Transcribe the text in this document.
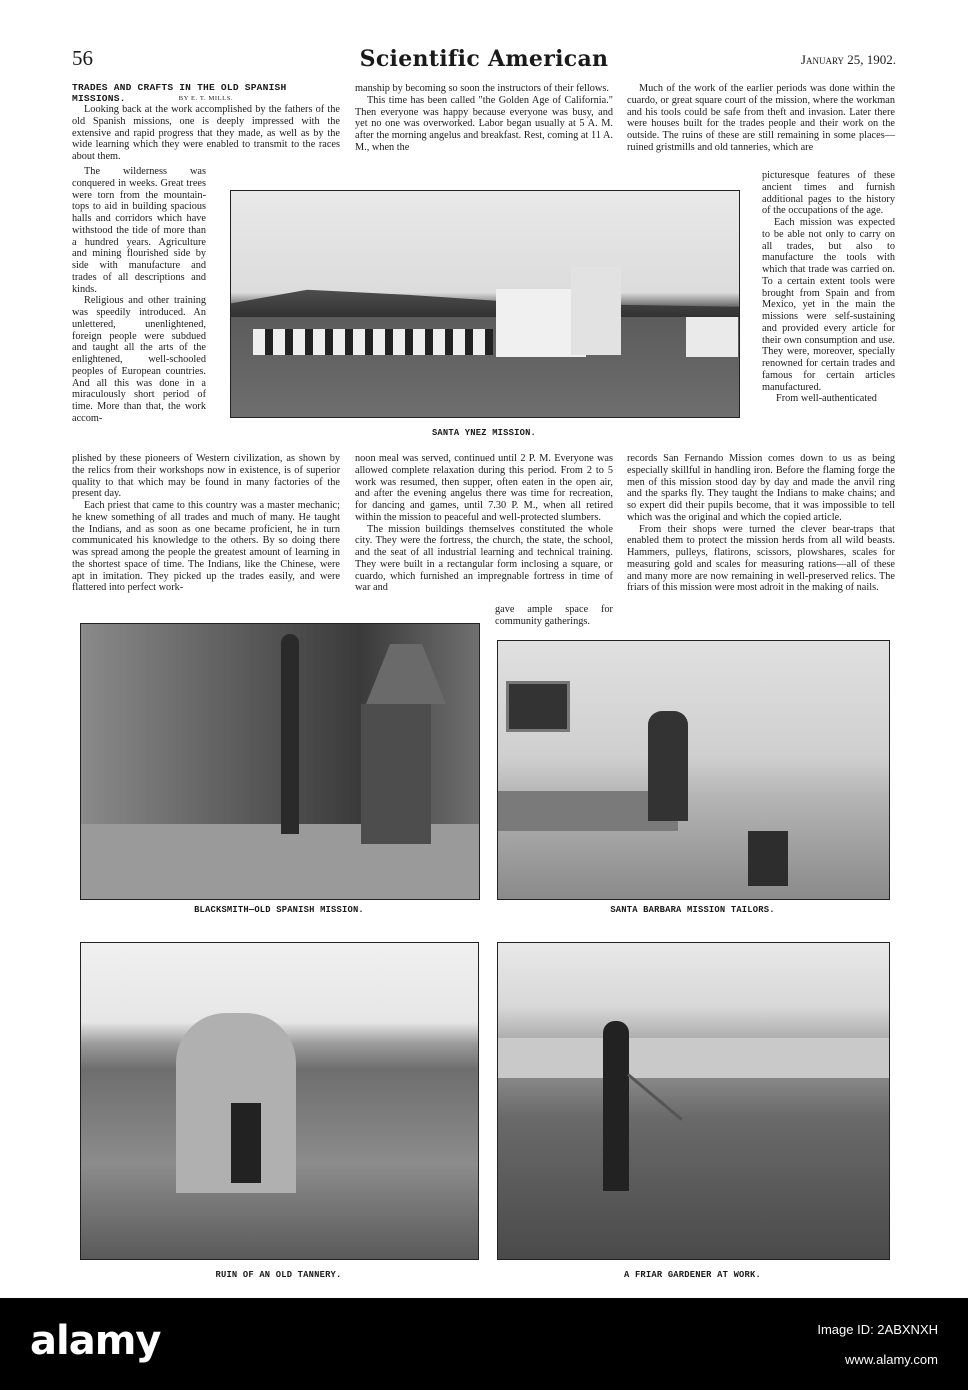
56	Scientific American	January 25, 1902.
TRADES AND CRAFTS IN THE OLD SPANISH MISSIONS.	BY E. T. MILLS.

Looking back at the work accomplished by the fathers of the old Spanish missions, one is deeply impressed with the extensive and rapid progress that they made, as well as by the wide learning which they were enabled to transmit to the races about them.

The wilderness was conquered in weeks. Great trees were torn from the mountain-tops to aid in building spacious halls and corridors which have withstood the tide of more than a hundred years. Agriculture and mining flourished side by side with manufacture and trades of all descriptions and kinds.

Religious and other training was speedily introduced. An unlettered, unenlightened, foreign people were subdued and taught all the arts of the enlightened, well-schooled peoples of European countries. And all this was done in a miraculously short period of time. More than that, the work accom-

plished by these pioneers of Western civilization, as shown by the relics from their workshops now in existence, is of superior quality to that which may be found in many factories of the present day.

Each priest that came to this country was a master mechanic; he knew something of all trades and much of many. He taught the Indians, and as soon as one became proficient, he in turn communicated his knowledge to the others. By so doing there was spread among the people the greatest amount of learning in the shortest space of time. The Indians, like the Chinese, were apt in imitation. They picked up the trades easily, and were flattered into perfect work-

manship by becoming so soon the instructors of their fellows.

This time has been called "the Golden Age of California." Then everyone was happy because everyone was busy, and yet no one was overworked. Labor began usually at 5 A. M. after the morning angelus and breakfast. Rest, coming at 11 A. M., when the

noon meal was served, continued until 2 P. M. Everyone was allowed complete relaxation during this period. From 2 to 5 work was resumed, then supper, often eaten in the open air, and after the evening angelus there was time for recreation, for dancing and games, until 7.30 P. M., when all retired within the mission to peaceful and well-protected slumbers.

The mission buildings themselves constituted the whole city. They were the fortress, the church, the state, the school, and the seat of all industrial learning and technical training. They were built in a rectangular form inclosing a square, or cuardo, which furnished an impregnable fortress in time of war and

gave ample space for community gatherings.

Much of the work of the earlier periods was done within the cuardo, or great square court of the mission, where the workman and his tools could be safe from theft and invasion. Later there were houses built for the trades people and their work on the outside. The ruins of these are still remaining in some places—ruined gristmills and old tanneries, which are

picturesque features of these ancient times and furnish additional pages to the history of the occupations of the age.

Each mission was expected to be able not only to carry on all trades, but also to manufacture the tools with which that trade was carried on. To a certain extent tools were brought from Spain and from Mexico, yet in the main the missions were self-sustaining and provided every article for their own consumption and use. They were, moreover, specially renowned for certain trades and famous for certain articles manufactured.

From well-authenticated

records San Fernando Mission comes down to us as being especially skillful in handling iron. Before the flaming forge the men of this mission stood day by day and made the anvil ring and the sparks fly. They taught the Indians to make chains; and so expert did their pupils become, that it was impossible to tell which was the original and which the copied article.

From their shops were turned the clever bear-traps that enabled them to protect the mission herds from all wild beasts. Hammers, pulleys, flatirons, scissors, plowshares, scales for measuring gold and scales for measuring rations—all of these and many more are now remaining in well-preserved relics. The friars of this mission were most adroit in the making of nails.

SANTA YNEZ MISSION.
BLACKSMITH—OLD SPANISH MISSION.	SANTA BARBARA MISSION TAILORS.
RUIN OF AN OLD TANNERY.	A FRIAR GARDENER AT WORK.
alamy	Image ID: 2ABXNXH
www.alamy.com
